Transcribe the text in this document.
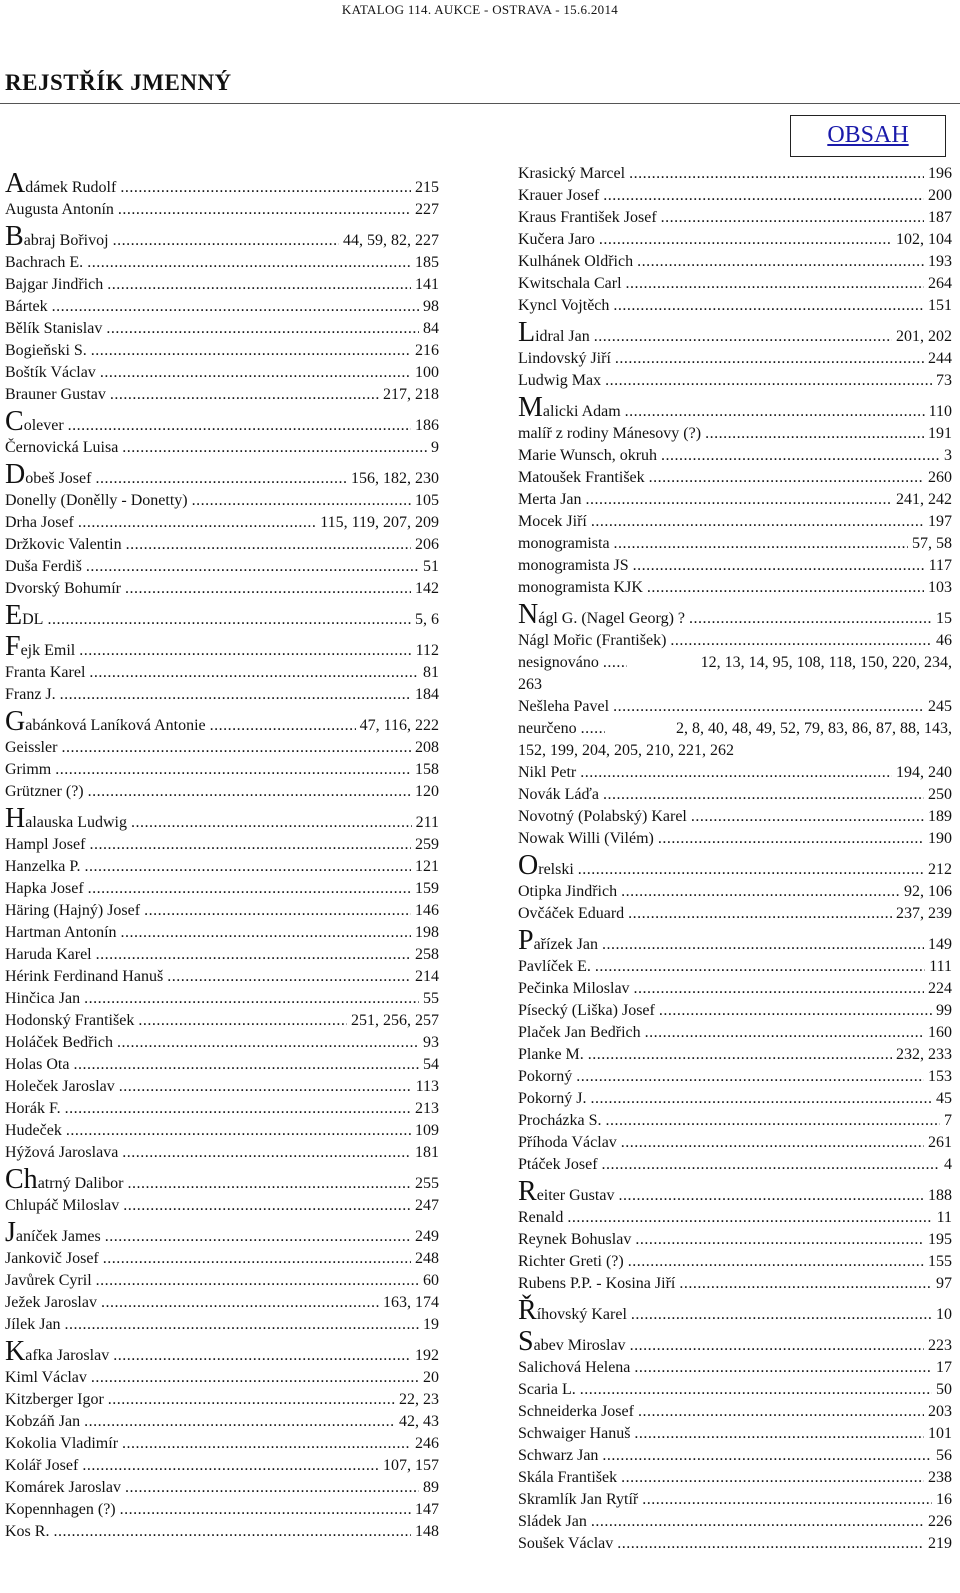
KATALOG 114. AUKCE - OSTRAVA - 15.6.2014
REJSTŘÍK JMENNÝ
OBSAH
Adámek Rudolf .....	215
Augusta Antonín .....	227
Babraj Bořivoj .....	44, 59, 82, 227
Bachrach E. .....	185
Bajgar Jindřich .....	141
Bártek .....	98
Bělík Stanislav .....	84
Bogieňski S. .....	216
Boštík Václav .....	100
Brauner Gustav .....	217, 218
Colever .....	186
Černovická Luisa .....	9
Dobeš Josef .....	156, 182, 230
Donelly (Donělly - Donetty) .....	105
Drha Josef .....	115, 119, 207, 209
Držkovic Valentin .....	206
Duša Ferdiš .....	51
Dvorský Bohumír .....	142
EDL .....	5, 6
Fejk Emil .....	112
Franta Karel .....	81
Franz J. .....	184
Gabánková Laníková Antonie .....	47, 116, 222
Geissler .....	208
Grimm .....	158
Grützner (?) .....	120
Halauska Ludwig .....	211
Hampl Josef .....	259
Hanzelka P. .....	121
Hapka Josef .....	159
Häring (Hajný) Josef .....	146
Hartman Antonín .....	198
Haruda Karel .....	258
Hérink Ferdinand Hanuš .....	214
Hinčica Jan .....	55
Hodonský František .....	251, 256, 257
Holáček Bedřich .....	93
Holas Ota .....	54
Holeček Jaroslav .....	113
Horák F. .....	213
Hudeček .....	109
Hýžová Jaroslava .....	181
Chatrný Dalibor .....	255
Chlupáč Miloslav .....	247
Janíček James .....	249
Jankovič Josef .....	248
Javůrek Cyril .....	60
Ježek Jaroslav .....	163, 174
Jílek Jan .....	19
Kafka Jaroslav .....	192
Kiml Václav .....	20
Kitzberger Igor .....	22, 23
Kobzáň Jan .....	42, 43
Kokolia Vladimír .....	246
Kolář Josef .....	107, 157
Komárek Jaroslav .....	89
Kopennhagen (?) .....	147
Kos R. .....	148
Krasický Marcel .....	196
Krauer Josef .....	200
Kraus František Josef .....	187
Kučera Jaro .....	102, 104
Kulhánek Oldřich .....	193
Kwitschala Carl .....	264
Kyncl Vojtěch .....	151
Lidral Jan .....	201, 202
Lindovský Jiří .....	244
Ludwig Max .....	73
Malicki Adam .....	110
malíř z rodiny Mánesovy (?) .....	191
Marie Wunsch, okruh .....	3
Matoušek František .....	260
Merta Jan .....	241, 242
Mocek Jiří .....	197
monogramista .....	57, 58
monogramista JS .....	117
monogramista KJK .....	103
Nágl G. (Nagel Georg) ? .....	15
Nágl Mořic (František) .....	46
nesignováno .....	12, 13, 14, 95, 108, 118, 150, 220, 234,
263
Nešleha Pavel .....	245
neurčeno .....	2, 8, 40, 48, 49, 52, 79, 83, 86, 87, 88, 143,
152, 199, 204, 205, 210, 221, 262
Nikl Petr .....	194, 240
Novák Láďa .....	250
Novotný (Polabský) Karel .....	189
Nowak Willi (Vilém) .....	190
Orelski .....	212
Otipka Jindřich .....	92, 106
Ovčáček Eduard .....	237, 239
Pařízek Jan .....	149
Pavlíček E. .....	111
Pečinka Miloslav .....	224
Písecký (Liška) Josef .....	99
Plaček Jan Bedřich .....	160
Planke M. .....	232, 233
Pokorný .....	153
Pokorný J. .....	45
Procházka S. .....	7
Příhoda Václav .....	261
Ptáček Josef .....	4
Reiter Gustav .....	188
Renald .....	11
Reynek Bohuslav .....	195
Richter Greti (?) .....	155
Rubens P.P. - Kosina Jiří .....	97
Říhovský Karel .....	10
Sabev Miroslav .....	223
Salichová Helena .....	17
Scaria L. .....	50
Schneiderka Josef .....	203
Schwaiger Hanuš .....	101
Schwarz Jan .....	56
Skála František .....	238
Skramlík Jan Rytíř .....	16
Sládek Jan .....	226
Soušek Václav .....	219
